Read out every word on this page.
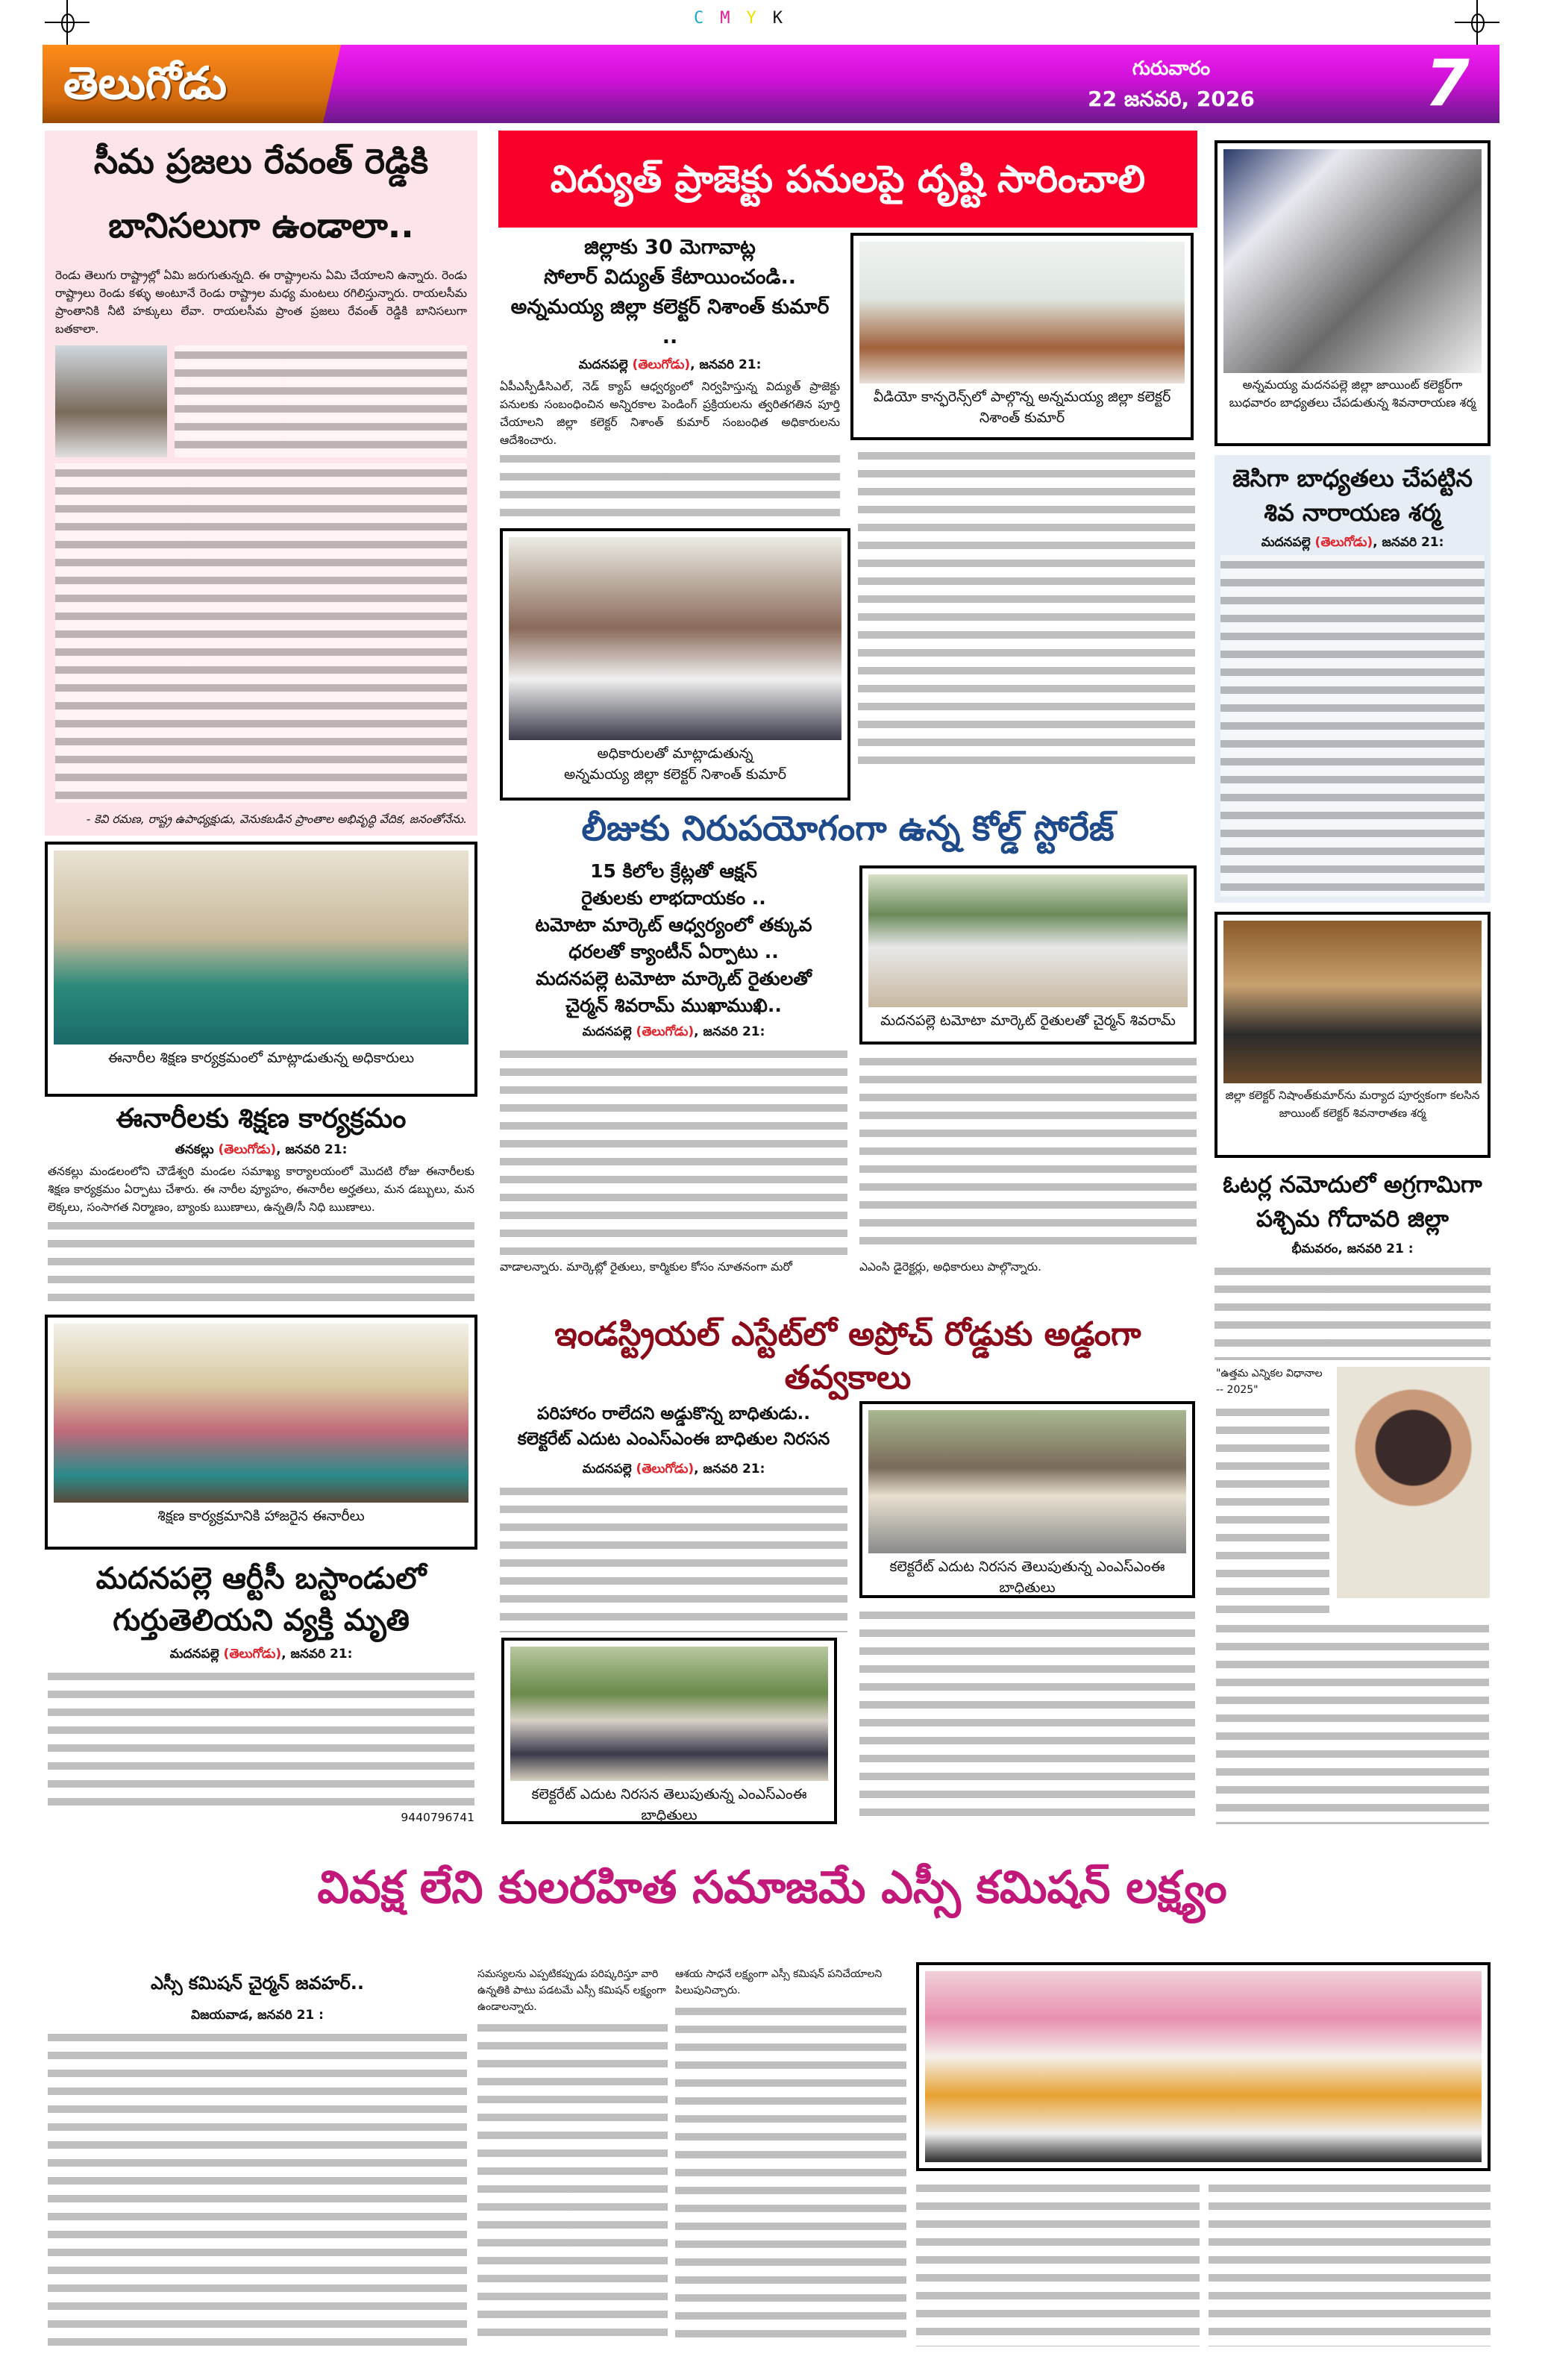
CMYK
తెలుగోడు	గురువారం
22 జనవరి, 2026	7
సీమ ప్రజలు రేవంత్ రెడ్డికి
బానిసలుగా ఉండాలా..
రెండు తెలుగు రాష్ట్రాల్లో ఏమి జరుగుతున్నది. ఈ రాష్ట్రాలను ఏమి చేయాలని ఉన్నారు. రెండు రాష్ట్రాలు రెండు కళ్ళు అంటూనే రెండు రాష్ట్రాల మధ్య మంటలు రగిలిస్తున్నారు. రాయలసీమ ప్రాంతానికి నీటి హక్కులు లేవా. రాయలసీమ ప్రాంత ప్రజలు రేవంత్ రెడ్డికి బానిసలుగా బతకాలా.
- కెవి రమణ, రాష్ట్ర ఉపాధ్యక్షుడు, వెనుకబడిన ప్రాంతాల అభివృద్ధి వేదిక, జనంతోనేను.
ఈనారీల శిక్షణ కార్యక్రమంలో మాట్లాడుతున్న అధికారులు
ఈనారీలకు శిక్షణ కార్యక్రమం
తనకల్లు (తెలుగోడు), జనవరి 21:
తనకల్లు మండలంలోని చౌడేశ్వరి మండల సమాఖ్య కార్యాలయంలో మొదటి రోజు ఈనారీలకు శిక్షణ కార్యక్రమం ఏర్పాటు చేశారు. ఈ నారీల వ్యూహం, ఈనారీల అర్హతలు, మన డబ్బులు, మన లెక్కలు, సంసాగత నిర్మాణం, బ్యాంకు ఋణాలు, ఉన్నతి/సీ నిధి ఋణాలు.
శిక్షణ కార్యక్రమానికి హాజరైన ఈనారీలు
మదనపల్లె ఆర్టీసీ బస్టాండులో
గుర్తుతెలియని వ్యక్తి మృతి
మదనపల్లె (తెలుగోడు), జనవరి 21:
9440796741
విద్యుత్ ప్రాజెక్టు పనులపై దృష్టి సారించాలి
జిల్లాకు 30 మెగావాట్ల
సోలార్ విద్యుత్ కేటాయించండి..
అన్నమయ్య జిల్లా కలెక్టర్ నిశాంత్ కుమార్ ..
మదనపల్లె (తెలుగోడు), జనవరి 21:
ఏపీఎస్పీడీసిఎల్, నెడ్ క్యాప్ ఆధ్వర్యంలో నిర్వహిస్తున్న విద్యుత్ ప్రాజెక్టు పనులకు సంబంధించిన అన్నిరకాల పెండింగ్ ప్రక్రియలను త్వరితగతిన పూర్తి చేయాలని జిల్లా కలెక్టర్ నిశాంత్ కుమార్ సంబంధిత అధికారులను ఆదేశించారు.
వీడియో కాన్ఫరెన్స్‌లో పాల్గొన్న అన్నమయ్య జిల్లా కలెక్టర్ నిశాంత్ కుమార్
అధికారులతో మాట్లాడుతున్న
అన్నమయ్య జిల్లా కలెక్టర్ నిశాంత్ కుమార్
లీజుకు నిరుపయోగంగా ఉన్న కోల్డ్ స్టోరేజ్
15 కిలోల క్రేట్లతో ఆక్షన్
రైతులకు లాభదాయకం ..
టమోటా మార్కెట్ ఆధ్వర్యంలో తక్కువ
ధరలతో క్యాంటీన్ ఏర్పాటు ..
మదనపల్లె టమోటా మార్కెట్ రైతులతో
చైర్మన్ శివరామ్ ముఖాముఖి..
మదనపల్లె (తెలుగోడు), జనవరి 21:
వాడాలన్నారు. మార్కెట్లో రైతులు, కార్మికుల కోసం నూతనంగా మరో
మదనపల్లె టమోటా మార్కెట్ రైతులతో చైర్మన్ శివరామ్
ఎఎంసి డైరెక్టర్లు, అధికారులు పాల్గొన్నారు.
ఇండస్ట్రియల్ ఎస్టేట్‌లో అప్రోచ్ రోడ్డుకు అడ్డంగా తవ్వకాలు
పరిహారం రాలేదని అడ్డుకొన్న బాధితుడు..
కలెక్టరేట్ ఎదుట ఎంఎస్ఎంఈ బాధితుల నిరసన
మదనపల్లె (తెలుగోడు), జనవరి 21:
కలెక్టరేట్ ఎదుట నిరసన తెలుపుతున్న ఎంఎస్ఎంఈ బాధితులు
కలెక్టరేట్ ఎదుట నిరసన తెలుపుతున్న ఎంఎస్ఎంఈ బాధితులు
అన్నమయ్య మదనపల్లె జిల్లా జాయింట్ కలెక్టర్‌గా బుధవారం బాధ్యతలు చేపడుతున్న శివనారాయణ శర్మ
జెసిగా బాధ్యతలు చేపట్టిన
శివ నారాయణ శర్మ
మదనపల్లె (తెలుగోడు), జనవరి 21:
జిల్లా కలెక్టర్ నిషాంత్‌కుమార్‌ను మర్యాద పూర్వకంగా కలసిన జాయింట్ కలెక్టర్ శివనారాతణ శర్మ
ఓటర్ల నమోదులో అగ్రగామిగా
పశ్చిమ గోదావరి జిల్లా
భీమవరం, జనవరి 21 :
"ఉత్తమ ఎన్నికల విధానాల -- 2025"
వివక్ష లేని కులరహిత సమాజమే ఎస్సీ కమిషన్ లక్ష్యం
ఎస్సీ కమిషన్ చైర్మన్ జవహర్..
విజయవాడ, జనవరి 21 :
సమస్యలను ఎప్పటికప్పుడు పరిష్కరిస్తూ వారి ఉన్నతికి పాటు పడటమే ఎస్సీ కమిషన్ లక్ష్యంగా ఉండాలన్నారు.
ఆశయ సాధనే లక్ష్యంగా ఎస్సీ కమిషన్ పనిచేయాలని పిలుపునిచ్చారు.
